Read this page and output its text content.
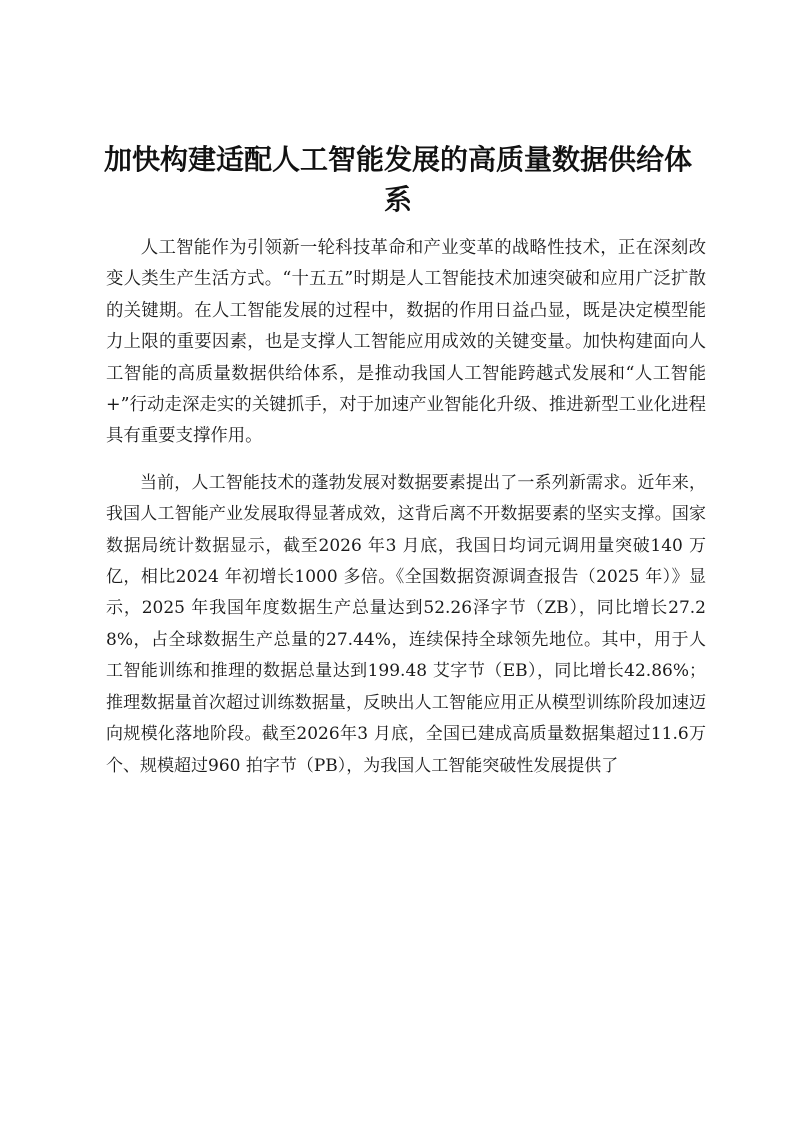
加快构建适配人工智能发展的高质量数据供给体系

人工智能作为引领新一轮科技革命和产业变革的战略性技术，正在深刻改变人类生产生活方式。“十五五”时期是人工智能技术加速突破和应用广泛扩散的关键期。在人工智能发展的过程中，数据的作用日益凸显，既是决定模型能力上限的重要因素，也是支撑人工智能应用成效的关键变量。加快构建面向人工智能的高质量数据供给体系，是推动我国人工智能跨越式发展和“人工智能+”行动走深走实的关键抓手，对于加速产业智能化升级、推进新型工业化进程具有重要支撑作用。

当前，人工智能技术的蓬勃发展对数据要素提出了一系列新需求。近年来，我国人工智能产业发展取得显著成效，这背后离不开数据要素的坚实支撑。国家数据局统计数据显示，截至2026 年3 月底，我国日均词元调用量突破140 万亿，相比2024 年初增长1000 多倍。《全国数据资源调查报告（2025 年）》显示，2025 年我国年度数据生产总量达到52.26泽字节（ZB），同比增长27.28%，占全球数据生产总量的27.44%，连续保持全球领先地位。其中，用于人工智能训练和推理的数据总量达到199.48 艾字节（EB），同比增长42.86%；推理数据量首次超过训练数据量，反映出人工智能应用正从模型训练阶段加速迈向规模化落地阶段。截至2026年3 月底，全国已建成高质量数据集超过11.6万个、规模超过960 拍字节（PB），为我国人工智能突破性发展提供了
